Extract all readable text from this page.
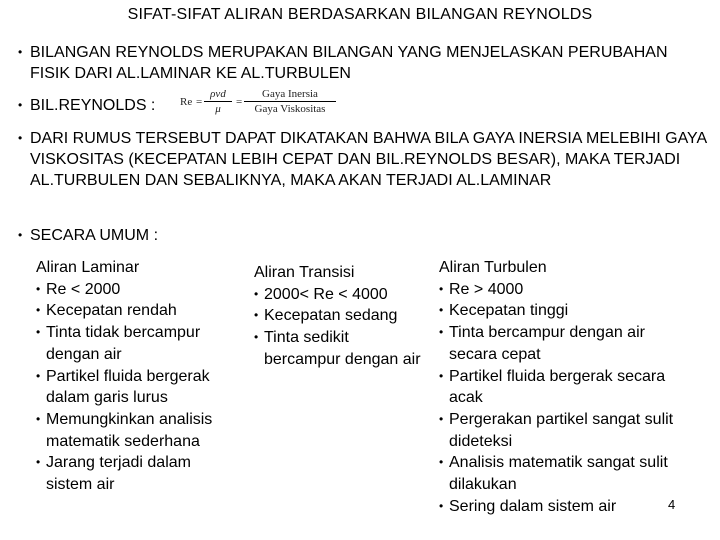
SIFAT-SIFAT ALIRAN BERDASARKAN BILANGAN REYNOLDS
• BILANGAN REYNOLDS MERUPAKAN BILANGAN YANG MENJELASKAN PERUBAHAN FISIK DARI AL.LAMINAR KE AL.TURBULEN
• BIL.REYNOLDS :	Re =
ρvd
μ
=
Gaya Inersia
Gaya Viskositas
• DARI RUMUS TERSEBUT DAPAT DIKATAKAN BAHWA BILA GAYA INERSIA MELEBIHI GAYA VISKOSITAS (KECEPATAN LEBIH CEPAT DAN BIL.REYNOLDS BESAR), MAKA TERJADI AL.TURBULEN DAN SEBALIKNYA, MAKA AKAN TERJADI AL.LAMINAR
• SECARA UMUM :
Aliran Laminar
• Re < 2000
• Kecepatan rendah
• Tinta tidak bercampur dengan air
• Partikel fluida bergerak dalam garis lurus
• Memungkinkan analisis matematik sederhana
• Jarang terjadi dalam sistem air
Aliran Transisi
• 2000< Re < 4000
• Kecepatan sedang
• Tinta sedikit bercampur dengan air
Aliran Turbulen
• Re > 4000
• Kecepatan tinggi
• Tinta bercampur dengan air secara cepat
• Partikel fluida bergerak secara acak
• Pergerakan partikel sangat sulit dideteksi
• Analisis matematik sangat sulit dilakukan
• Sering dalam sistem air	4
